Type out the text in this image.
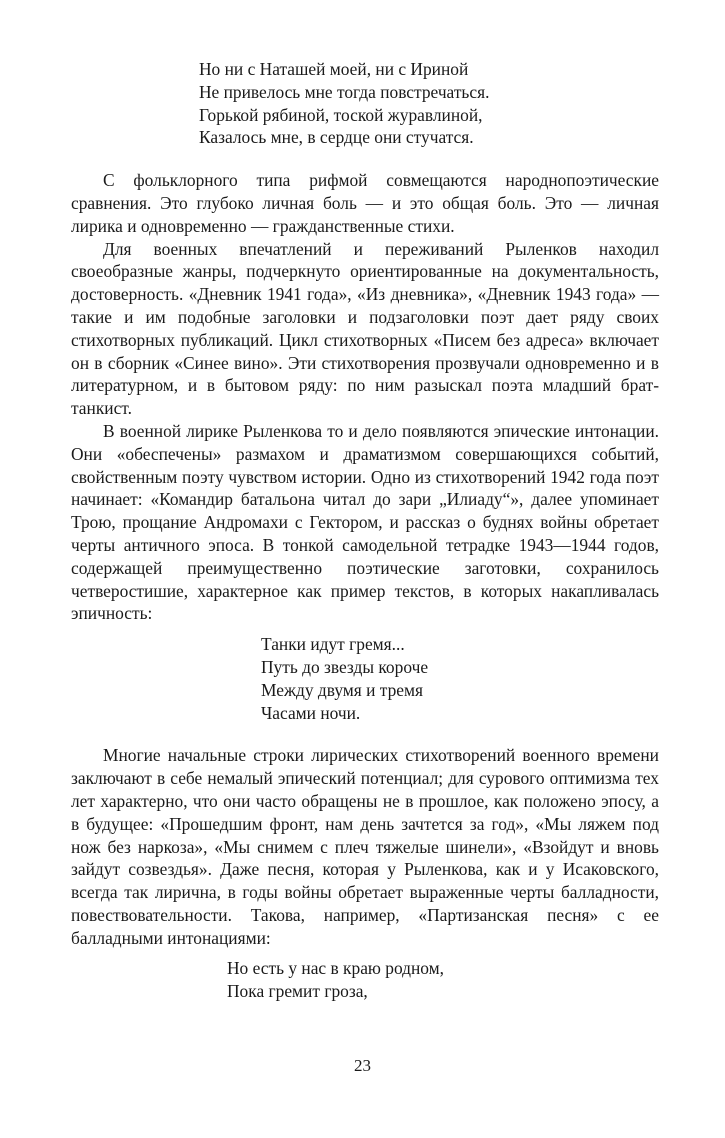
Но ни с Наташей моей, ни с Ириной
Не привелось мне тогда повстречаться.
Горькой рябиной, тоской журавлиной,
Казалось мне, в сердце они стучатся.

С фольклорного типа рифмой совмещаются народнопоэтические сравнения. Это глубоко личная боль — и это общая боль. Это — личная лирика и одновременно — гражданственные стихи.

Для военных впечатлений и переживаний Рыленков находил своеобразные жанры, подчеркнуто ориентированные на документальность, достоверность. «Дневник 1941 года», «Из дневника», «Дневник 1943 года» — такие и им подобные заголовки и подзаголовки поэт дает ряду своих стихотворных публикаций. Цикл стихотворных «Писем без адреса» включает он в сборник «Синее вино». Эти стихотворения прозвучали одновременно и в литературном, и в бытовом ряду: по ним разыскал поэта младший брат-танкист.

В военной лирике Рыленкова то и дело появляются эпические интонации. Они «обеспечены» размахом и драматизмом совершающихся событий, свойственным поэту чувством истории. Одно из стихотворений 1942 года поэт начинает: «Командир батальона читал до зари „Илиаду“», далее упоминает Трою, прощание Андромахи с Гектором, и рассказ о буднях войны обретает черты античного эпоса. В тонкой самодельной тетрадке 1943—1944 годов, содержащей преимущественно поэтические заготовки, сохранилось четверостишие, характерное как пример текстов, в которых накапливалась эпичность:

Танки идут гремя...
Путь до звезды короче
Между двумя и тремя
Часами ночи.

Многие начальные строки лирических стихотворений военного времени заключают в себе немалый эпический потенциал; для сурового оптимизма тех лет характерно, что они часто обращены не в прошлое, как положено эпосу, а в будущее: «Прошедшим фронт, нам день зачтется за год», «Мы ляжем под нож без наркоза», «Мы снимем с плеч тяжелые шинели», «Взойдут и вновь зайдут созвездья». Даже песня, которая у Рыленкова, как и у Исаковского, всегда так лирична, в годы войны обретает выраженные черты балладности, повествовательности. Такова, например, «Партизанская песня» с ее балладными интонациями:

Но есть у нас в краю родном,
Пока гремит гроза,
23
